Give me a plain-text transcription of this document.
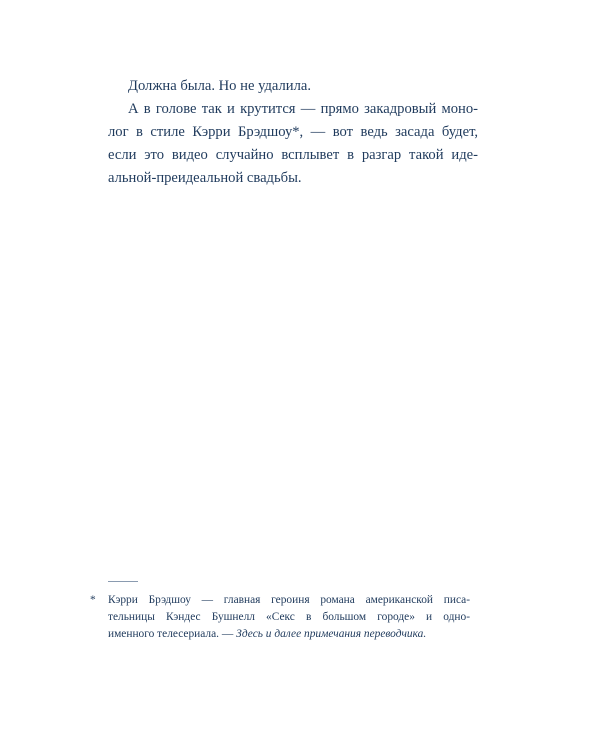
Должна была. Но не удалила.
А в голове так и крутится — прямо закадровый моно-
лог в стиле Кэрри Брэдшоу*, — вот ведь засада будет,
если это видео случайно всплывет в разгар такой иде-
альной-преидеальной свадьбы.
* Кэрри Брэдшоу — главная героиня романа американской писа-
тельницы Кэндес Бушнелл «Секс в большом городе» и одно-
именного телесериала. — Здесь и далее примечания переводчика.
